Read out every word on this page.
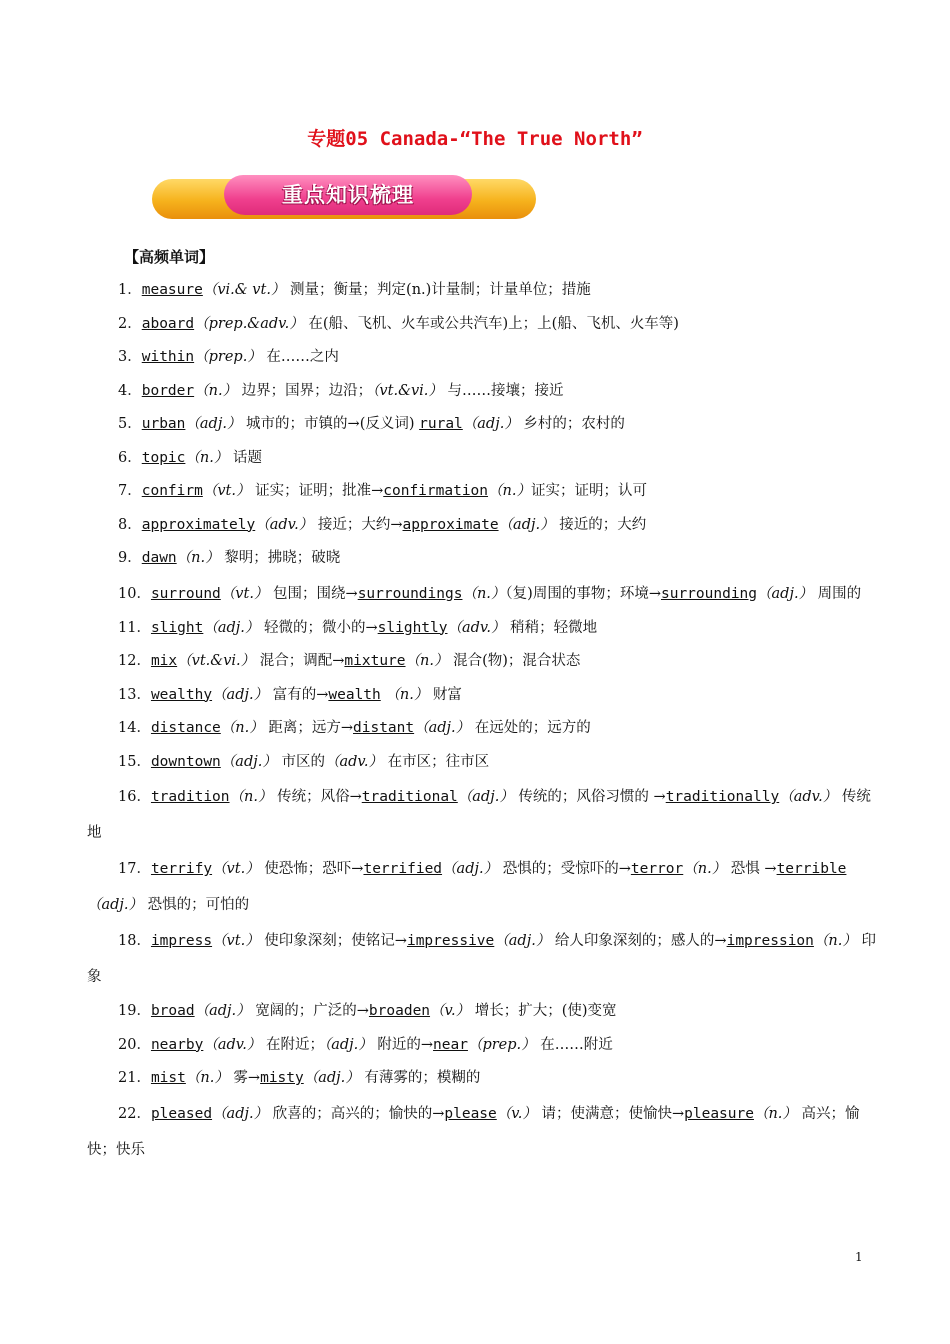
专题05 Canada-“The True North”
重点知识梳理
【高频单词】
1．measure（vi.& vt.） 测量；衡量；判定(n.)计量制；计量单位；措施
2．aboard（prep.&adv.） 在(船、飞机、火车或公共汽车)上；上(船、飞机、火车等)
3．within（prep.） 在……之内
4．border（n.） 边界；国界；边沿；（vt.&vi.） 与……接壤；接近
5．urban（adj.） 城市的；市镇的→(反义词) rural（adj.） 乡村的；农村的
6．topic（n.） 话题
7．confirm（vt.） 证实；证明；批准→confirmation（n.）证实；证明；认可
8．approximately（adv.） 接近；大约→approximate（adj.） 接近的；大约
9．dawn（n.） 黎明；拂晓；破晓
10．surround（vt.） 包围；围绕→surroundings（n.）（复)周围的事物；环境→surrounding（adj.） 周围的
11．slight（adj.） 轻微的；微小的→slightly（adv.） 稍稍；轻微地
12．mix（vt.&vi.） 混合；调配→mixture（n.） 混合(物)；混合状态
13．wealthy（adj.） 富有的→wealth （n.） 财富
14．distance（n.） 距离；远方→distant（adj.） 在远处的；远方的
15．downtown（adj.） 市区的（adv.） 在市区；往市区
16．tradition（n.） 传统；风俗→traditional（adj.） 传统的；风俗习惯的 →traditionally（adv.） 传统地
17．terrify（vt.） 使恐怖；恐吓→terrified（adj.） 恐惧的；受惊吓的→terror（n.） 恐惧 →terrible（adj.） 恐惧的；可怕的
18．impress（vt.） 使印象深刻；使铭记→impressive（adj.） 给人印象深刻的；感人的→impression（n.） 印象
19．broad（adj.） 宽阔的；广泛的→broaden（v.） 增长；扩大；(使)变宽
20．nearby（adv.） 在附近；（adj.） 附近的→near（prep.） 在……附近
21．mist（n.） 雾→misty（adj.） 有薄雾的；模糊的
22．pleased（adj.） 欣喜的；高兴的；愉快的→please（v.） 请；使满意；使愉快→pleasure（n.） 高兴；愉快；快乐
1
